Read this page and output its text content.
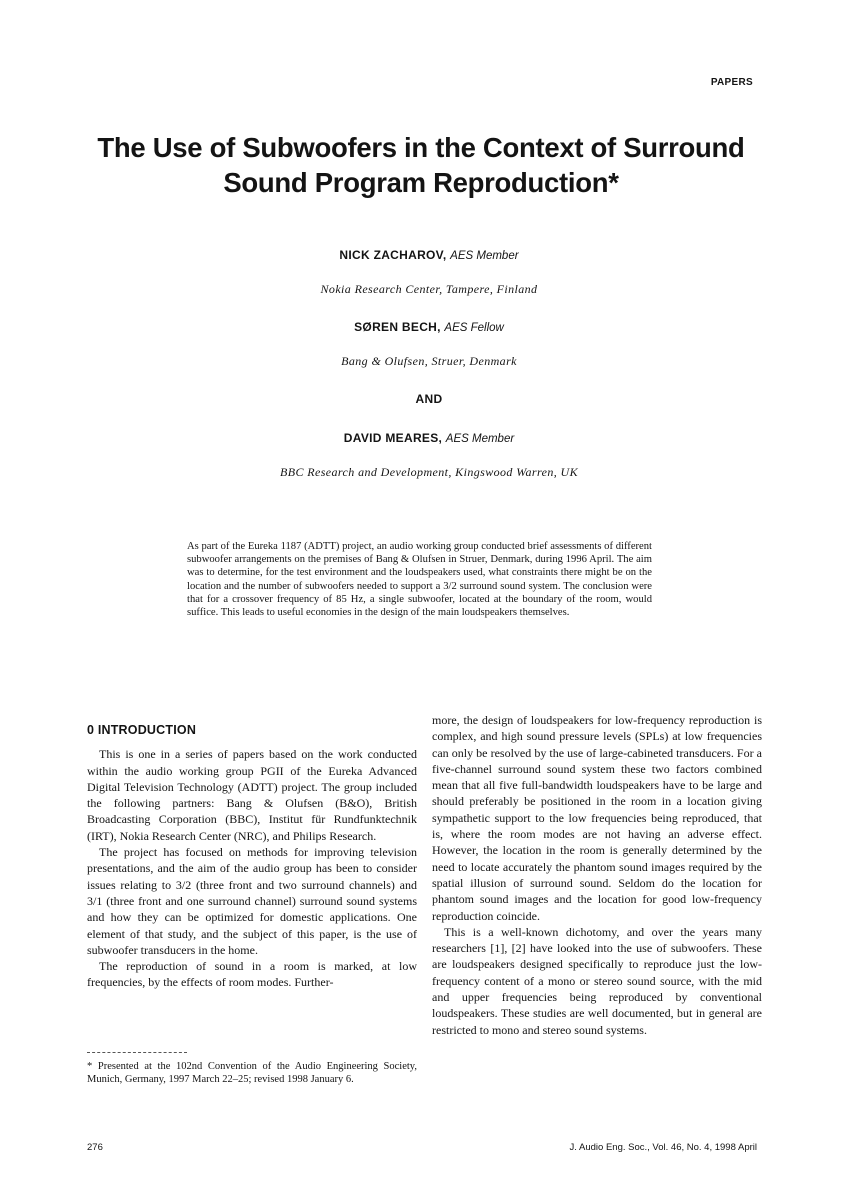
PAPERS
The Use of Subwoofers in the Context of Surround
Sound Program Reproduction*
NICK ZACHAROV, AES Member
Nokia Research Center, Tampere, Finland
SØREN BECH, AES Fellow
Bang & Olufsen, Struer, Denmark
AND
DAVID MEARES, AES Member
BBC Research and Development, Kingswood Warren, UK
As part of the Eureka 1187 (ADTT) project, an audio working group conducted brief assessments of different subwoofer arrangements on the premises of Bang & Olufsen in Struer, Denmark, during 1996 April. The aim was to determine, for the test environment and the loudspeakers used, what constraints there might be on the location and the number of subwoofers needed to support a 3/2 surround sound system. The conclusion were that for a crossover frequency of 85 Hz, a single subwoofer, located at the boundary of the room, would suffice. This leads to useful economies in the design of the main loudspeakers themselves.
0 INTRODUCTION

This is one in a series of papers based on the work conducted within the audio working group PGII of the Eureka Advanced Digital Television Technology (ADTT) project. The group included the following partners: Bang & Olufsen (B&O), British Broadcasting Corporation (BBC), Institut für Rundfunktechnik (IRT), Nokia Research Center (NRC), and Philips Research.

The project has focused on methods for improving television presentations, and the aim of the audio group has been to consider issues relating to 3/2 (three front and two surround channels) and 3/1 (three front and one surround channel) surround sound systems and how they can be optimized for domestic applications. One element of that study, and the subject of this paper, is the use of subwoofer transducers in the home.

The reproduction of sound in a room is marked, at low frequencies, by the effects of room modes. Further-

more, the design of loudspeakers for low-frequency reproduction is complex, and high sound pressure levels (SPLs) at low frequencies can only be resolved by the use of large-cabineted transducers. For a five-channel surround sound system these two factors combined mean that all five full-bandwidth loudspeakers have to be large and should preferably be positioned in the room in a location giving sympathetic support to the low frequencies being reproduced, that is, where the room modes are not having an adverse effect. However, the location in the room is generally determined by the need to locate accurately the phantom sound images required by the spatial illusion of surround sound. Seldom do the location for phantom sound images and the location for good low-frequency reproduction coincide.

This is a well-known dichotomy, and over the years many researchers [1], [2] have looked into the use of subwoofers. These are loudspeakers designed specifically to reproduce just the low-frequency content of a mono or stereo sound source, with the mid and upper frequencies being reproduced by conventional loudspeakers. These studies are well documented, but in general are restricted to mono and stereo sound systems.

* Presented at the 102nd Convention of the Audio Engineering Society, Munich, Germany, 1997 March 22–25; revised 1998 January 6.
276	J. Audio Eng. Soc., Vol. 46, No. 4, 1998 April
